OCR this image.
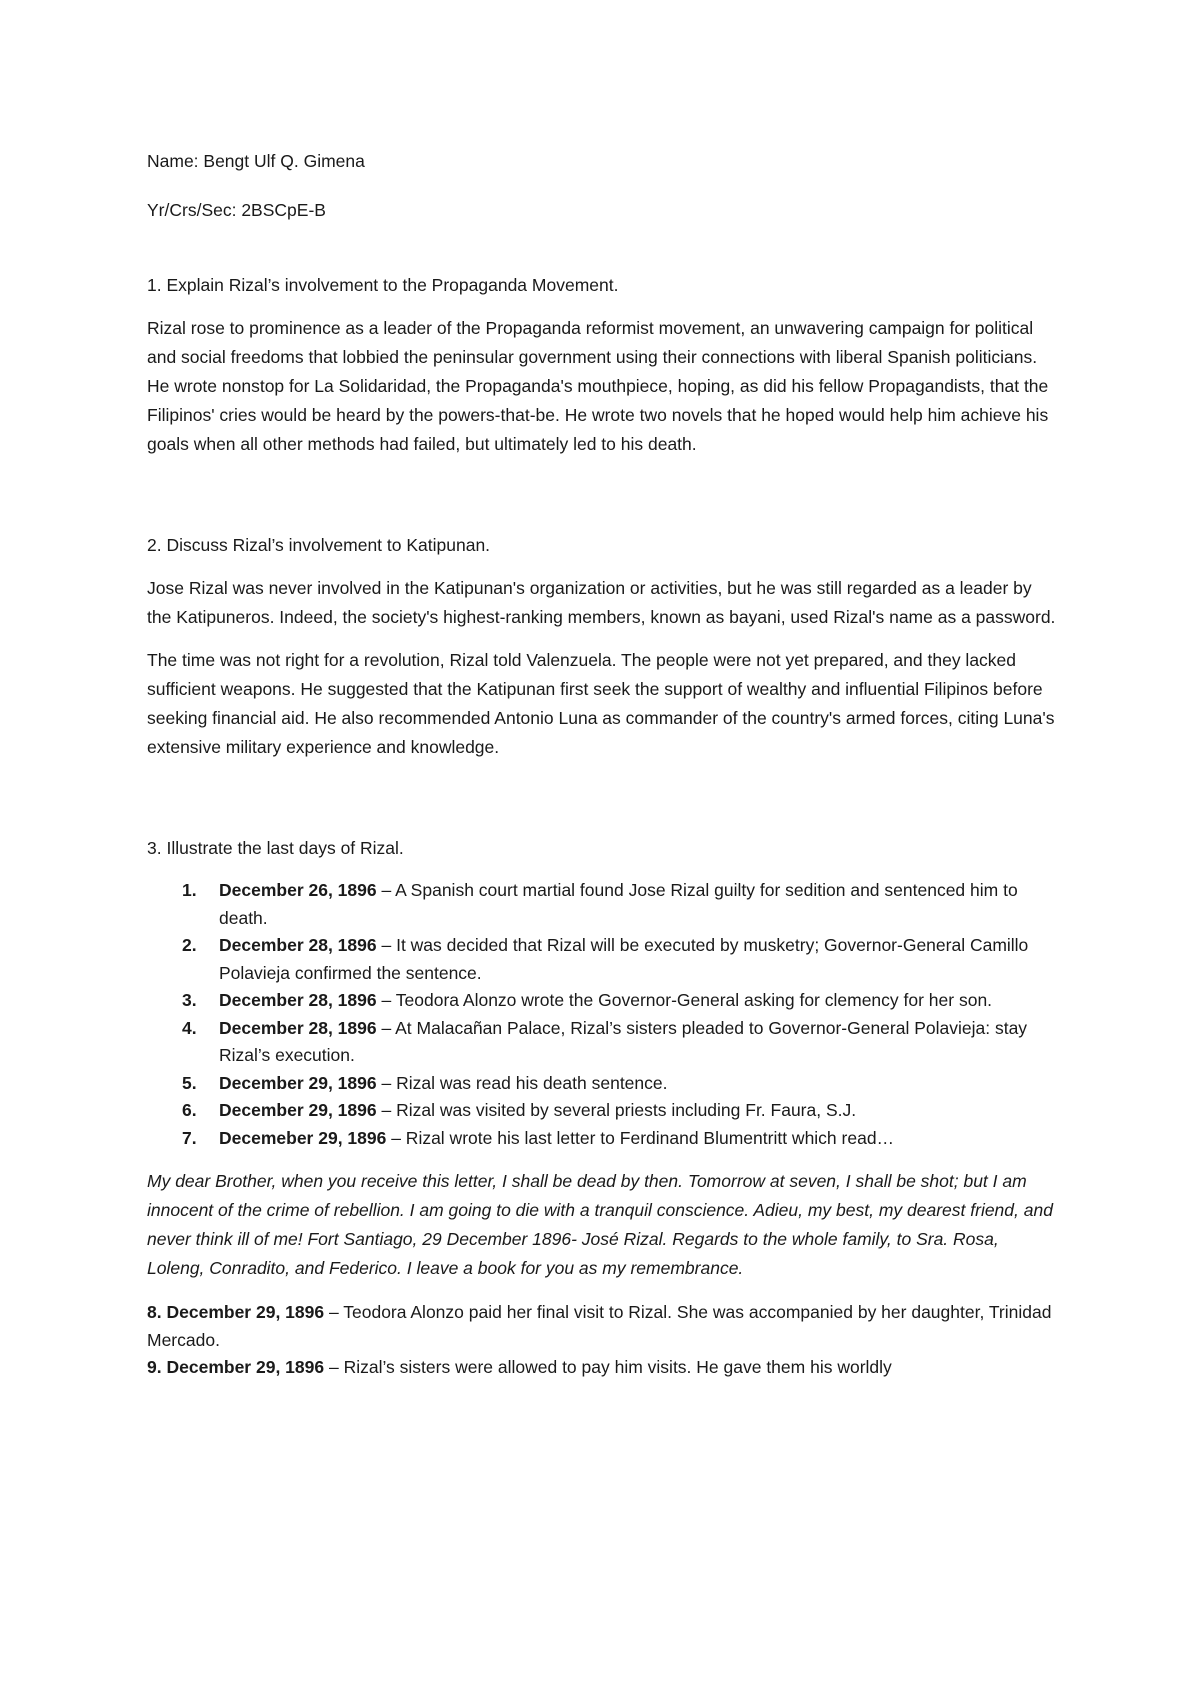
Name: Bengt Ulf Q. Gimena

Yr/Crs/Sec: 2BSCpE-B

1. Explain Rizal’s involvement to the Propaganda Movement.

Rizal rose to prominence as a leader of the Propaganda reformist movement, an unwavering campaign for political and social freedoms that lobbied the peninsular government using their connections with liberal Spanish politicians. He wrote nonstop for La Solidaridad, the Propaganda's mouthpiece, hoping, as did his fellow Propagandists, that the Filipinos' cries would be heard by the powers-that-be. He wrote two novels that he hoped would help him achieve his goals when all other methods had failed, but ultimately led to his death.

2. Discuss Rizal’s involvement to Katipunan.

Jose Rizal was never involved in the Katipunan's organization or activities, but he was still regarded as a leader by the Katipuneros. Indeed, the society's highest-ranking members, known as bayani, used Rizal's name as a password.

The time was not right for a revolution, Rizal told Valenzuela. The people were not yet prepared, and they lacked sufficient weapons. He suggested that the Katipunan first seek the support of wealthy and influential Filipinos before seeking financial aid. He also recommended Antonio Luna as commander of the country's armed forces, citing Luna's extensive military experience and knowledge.

3. Illustrate the last days of Rizal.

December 26, 1896 – A Spanish court martial found Jose Rizal guilty for sedition and sentenced him to death.
December 28, 1896 – It was decided that Rizal will be executed by musketry; Governor-General Camillo Polavieja confirmed the sentence.
December 28, 1896 – Teodora Alonzo wrote the Governor-General asking for clemency for her son.
December 28, 1896 – At Malacañan Palace, Rizal’s sisters pleaded to Governor-General Polavieja: stay Rizal’s execution.
December 29, 1896 – Rizal was read his death sentence.
December 29, 1896 – Rizal was visited by several priests including Fr. Faura, S.J.
Decemeber 29, 1896 – Rizal wrote his last letter to Ferdinand Blumentritt which read…

My dear Brother, when you receive this letter, I shall be dead by then. Tomorrow at seven, I shall be shot; but I am innocent of the crime of rebellion. I am going to die with a tranquil conscience. Adieu, my best, my dearest friend, and never think ill of me! Fort Santiago, 29 December 1896- José Rizal. Regards to the whole family, to Sra. Rosa, Loleng, Conradito, and Federico. I leave a book for you as my remembrance.

8. December 29, 1896 – Teodora Alonzo paid her final visit to Rizal. She was accompanied by her daughter, Trinidad Mercado.

9. December 29, 1896 – Rizal’s sisters were allowed to pay him visits. He gave them his worldly
